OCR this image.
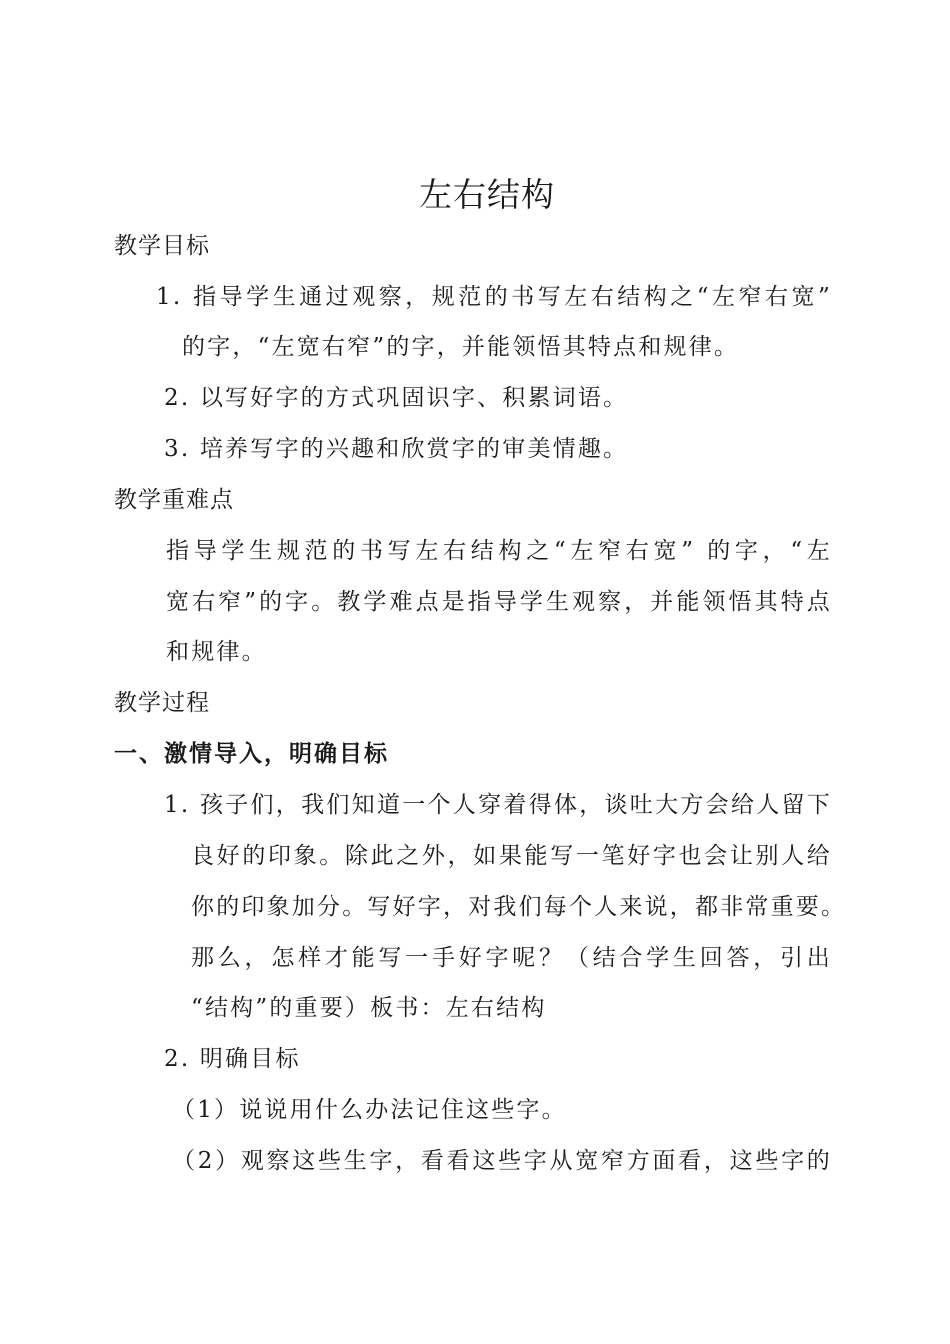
左右结构
教学目标
1. 指导学生通过观察，规范的书写左右结构之“左窄右宽”
的字，“左宽右窄”的字，并能领悟其特点和规律。
2. 以写好字的方式巩固识字、积累词语。
3. 培养写字的兴趣和欣赏字的审美情趣。
教学重难点
指导学生规范的书写左右结构之“左窄右宽” 的字，“左
宽右窄”的字。教学难点是指导学生观察，并能领悟其特点
和规律。
教学过程
一、激情导入，明确目标
1. 孩子们，我们知道一个人穿着得体，谈吐大方会给人留下
良好的印象。除此之外，如果能写一笔好字也会让别人给
你的印象加分。写好字，对我们每个人来说，都非常重要。
那么，怎样才能写一手好字呢？（结合学生回答，引出
“结构”的重要）板书：左右结构
2. 明确目标
（1）说说用什么办法记住这些字。
（2）观察这些生字，看看这些字从宽窄方面看，这些字的
